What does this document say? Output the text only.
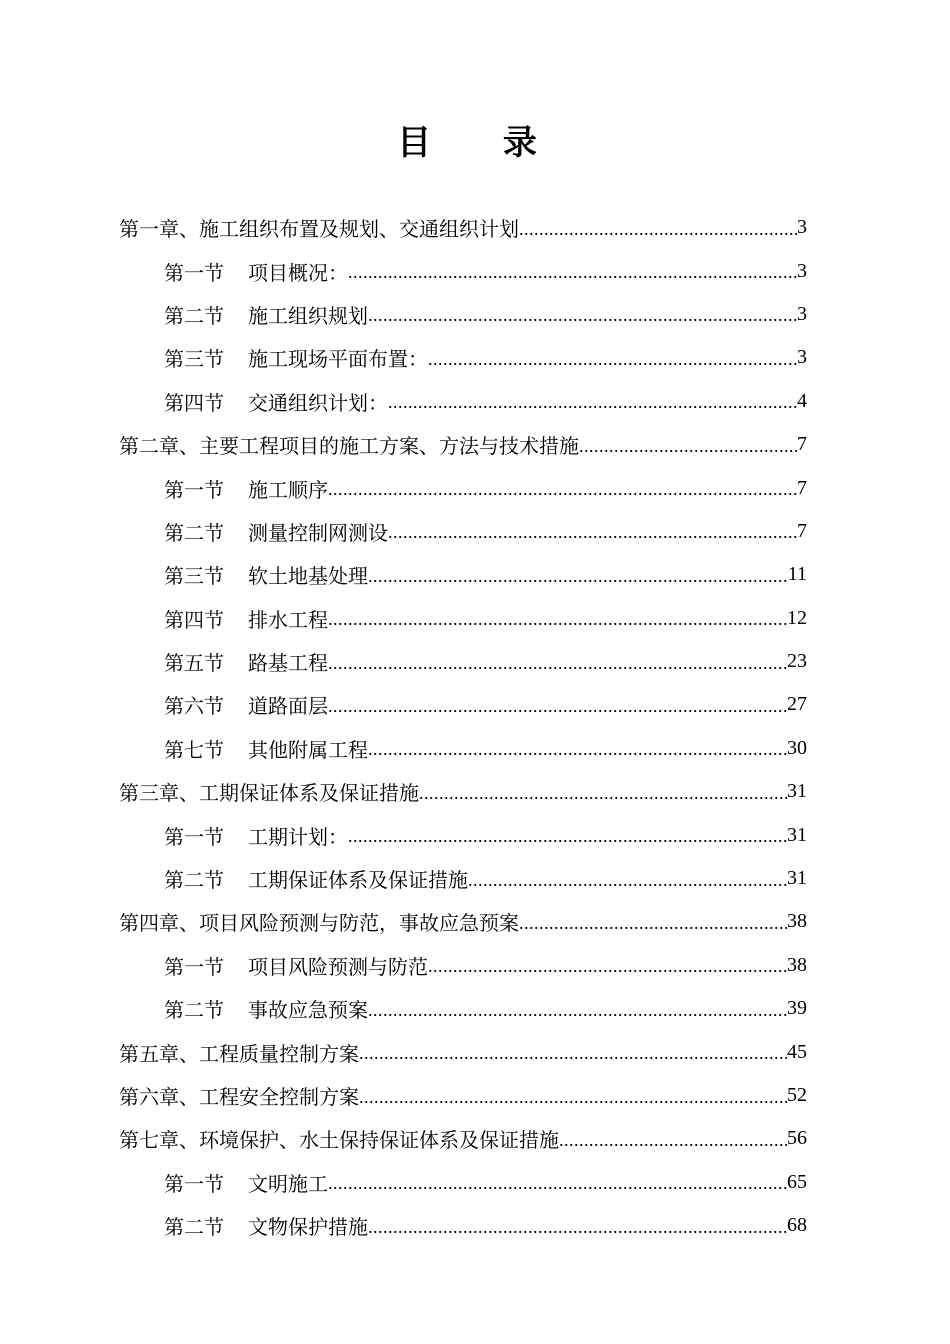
目 录
第一章、施工组织布置及规划、交通组织计划 .....	3
第一节 项目概况： .....	3
第二节 施工组织规划 .....	3
第三节 施工现场平面布置： .....	3
第四节 交通组织计划： .....	4
第二章、主要工程项目的施工方案、方法与技术措施 .....	7
第一节 施工顺序 .....	7
第二节 测量控制网测设 .....	7
第三节 软土地基处理 .....	11
第四节 排水工程 .....	12
第五节 路基工程 .....	23
第六节 道路面层 .....	27
第七节 其他附属工程 .....	30
第三章、工期保证体系及保证措施 .....	31
第一节 工期计划： .....	31
第二节 工期保证体系及保证措施 .....	31
第四章、项目风险预测与防范，事故应急预案 .....	38
第一节 项目风险预测与防范 .....	38
第二节 事故应急预案 .....	39
第五章、工程质量控制方案 .....	45
第六章、工程安全控制方案 .....	52
第七章、环境保护、水土保持保证体系及保证措施 .....	56
第一节 文明施工 .....	65
第二节 文物保护措施 .....	68
